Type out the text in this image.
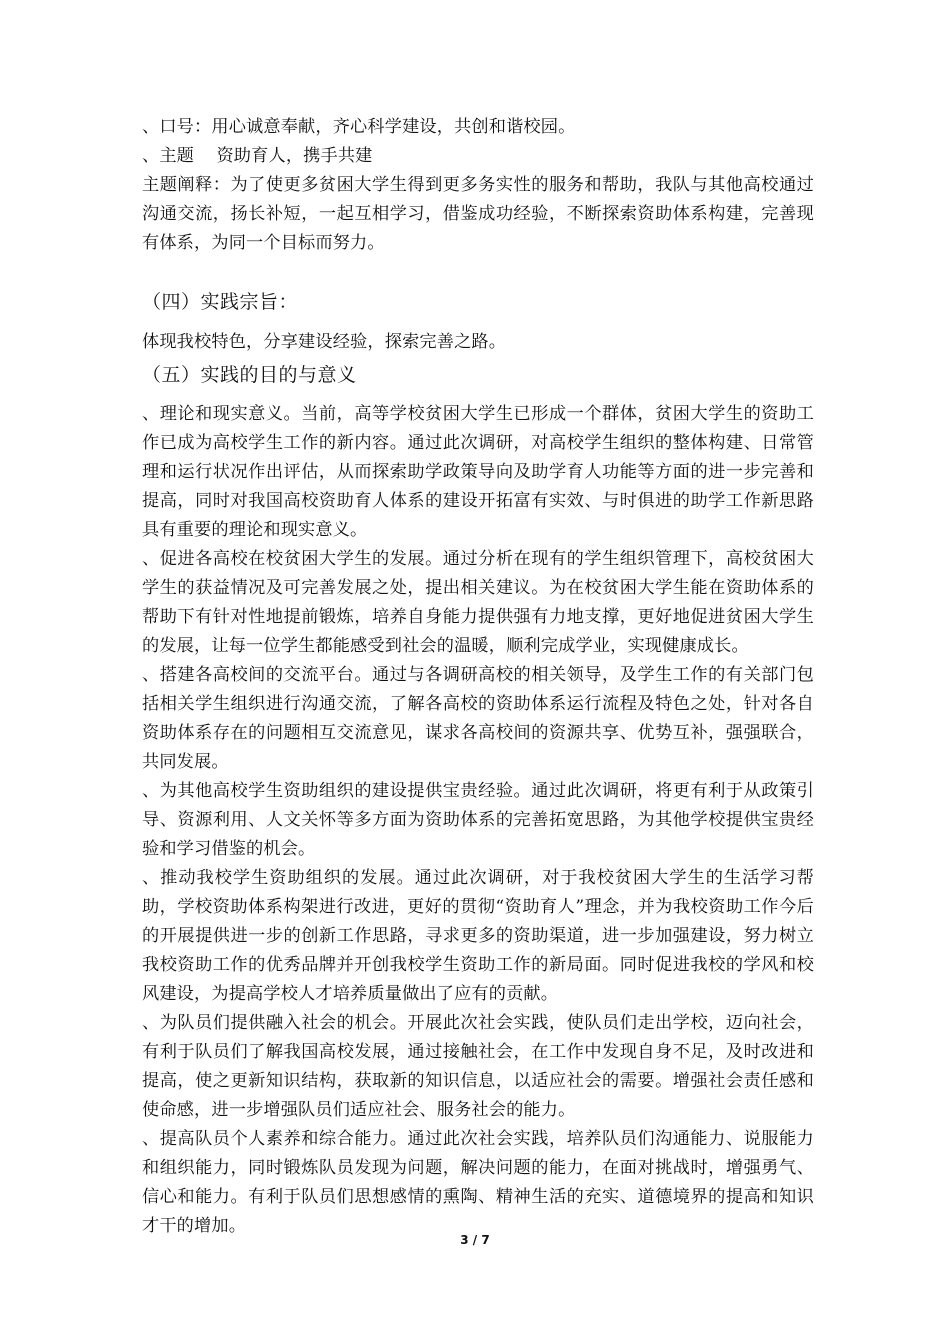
、口号：用心诚意奉献，齐心科学建设，共创和谐校园。

、主题    资助育人，携手共建

主题阐释：为了使更多贫困大学生得到更多务实性的服务和帮助，我队与其他高校通过沟通交流，扬长补短，一起互相学习，借鉴成功经验，不断探索资助体系构建，完善现有体系，为同一个目标而努力。

（四）实践宗旨：

体现我校特色，分享建设经验，探索完善之路。

（五）实践的目的与意义

、理论和现实意义。当前，高等学校贫困大学生已形成一个群体，贫困大学生的资助工作已成为高校学生工作的新内容。通过此次调研，对高校学生组织的整体构建、日常管理和运行状况作出评估，从而探索助学政策导向及助学育人功能等方面的进一步完善和提高，同时对我国高校资助育人体系的建设开拓富有实效、与时俱进的助学工作新思路具有重要的理论和现实意义。

、促进各高校在校贫困大学生的发展。通过分析在现有的学生组织管理下，高校贫困大学生的获益情况及可完善发展之处，提出相关建议。为在校贫困大学生能在资助体系的帮助下有针对性地提前锻炼，培养自身能力提供强有力地支撑，更好地促进贫困大学生的发展，让每一位学生都能感受到社会的温暖，顺利完成学业，实现健康成长。

、搭建各高校间的交流平台。通过与各调研高校的相关领导，及学生工作的有关部门包括相关学生组织进行沟通交流，了解各高校的资助体系运行流程及特色之处，针对各自资助体系存在的问题相互交流意见，谋求各高校间的资源共享、优势互补，强强联合，共同发展。

、为其他高校学生资助组织的建设提供宝贵经验。通过此次调研，将更有利于从政策引导、资源利用、人文关怀等多方面为资助体系的完善拓宽思路，为其他学校提供宝贵经验和学习借鉴的机会。

、推动我校学生资助组织的发展。通过此次调研，对于我校贫困大学生的生活学习帮助，学校资助体系构架进行改进，更好的贯彻“资助育人”理念，并为我校资助工作今后的开展提供进一步的创新工作思路，寻求更多的资助渠道，进一步加强建设，努力树立我校资助工作的优秀品牌并开创我校学生资助工作的新局面。同时促进我校的学风和校风建设，为提高学校人才培养质量做出了应有的贡献。

、为队员们提供融入社会的机会。开展此次社会实践，使队员们走出学校，迈向社会，有利于队员们了解我国高校发展，通过接触社会，在工作中发现自身不足，及时改进和提高，使之更新知识结构，获取新的知识信息，以适应社会的需要。增强社会责任感和使命感，进一步增强队员们适应社会、服务社会的能力。

、提高队员个人素养和综合能力。通过此次社会实践，培养队员们沟通能力、说服能力和组织能力，同时锻炼队员发现为问题，解决问题的能力，在面对挑战时，增强勇气、信心和能力。有利于队员们思想感情的熏陶、精神生活的充实、道德境界的提高和知识才干的增加。

3 / 7
